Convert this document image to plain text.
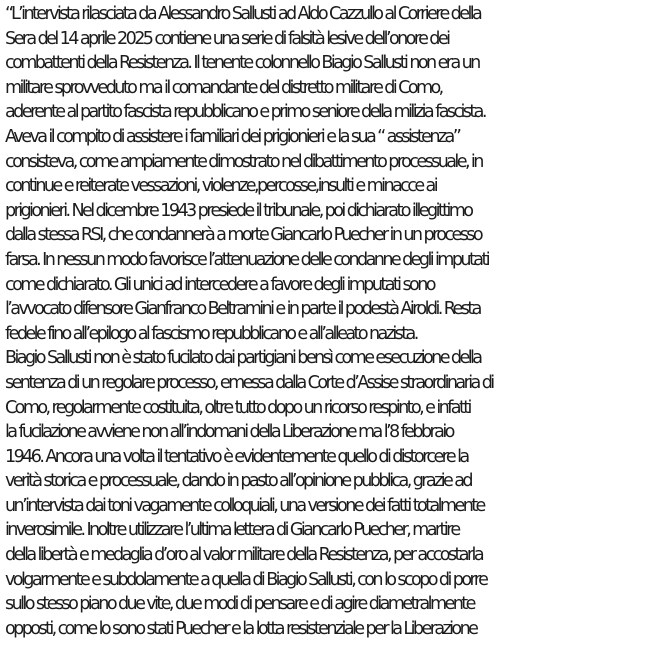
“L’intervista rilasciata da Alessandro Sallusti ad Aldo Cazzullo al Corriere della
Sera del 14 aprile 2025 contiene una serie di falsità lesive dell’onore dei
combattenti della Resistenza. Il tenente colonnello Biagio Sallusti non era un
militare sprovveduto ma il comandante del distretto militare di Como,
aderente al partito fascista repubblicano e primo seniore della milizia fascista.
Aveva il compito di assistere i familiari dei prigionieri e la sua “ assistenza”
consisteva, come ampiamente dimostrato nel dibattimento processuale, in
continue e reiterate vessazioni, violenze,percosse,insulti e minacce ai
prigionieri. Nel dicembre 1943 presiede il tribunale, poi dichiarato illegittimo
dalla stessa RSI, che condannerà a morte Giancarlo Puecher in un processo
farsa. In nessun modo favorisce l’attenuazione delle condanne degli imputati
come dichiarato. Gli unici ad intercedere a favore degli imputati sono
l’avvocato difensore Gianfranco Beltramini e in parte il podestà Airoldi. Resta
fedele fino all’epilogo al fascismo repubblicano e all’alleato nazista.
Biagio Sallusti non è stato fucilato dai partigiani bensì come esecuzione della
sentenza di un regolare processo, emessa dalla Corte d’Assise straordinaria di
Como, regolarmente costituita, oltre tutto dopo un ricorso respinto, e infatti
la fucilazione avviene non all’indomani della Liberazione ma l’8 febbraio
1946. Ancora una volta il tentativo è evidentemente quello di distorcere la
verità storica e processuale, dando in pasto all’opinione pubblica, grazie ad
un’intervista dai toni vagamente colloquiali, una versione dei fatti totalmente
inverosimile. Inoltre utilizzare l’ultima lettera di Giancarlo Puecher, martire
della libertà e medaglia d’oro al valor militare della Resistenza, per accostarla
volgarmente e subdolamente a quella di Biagio Sallusti, con lo scopo di porre
sullo stesso piano due vite, due modi di pensare e di agire diametralmente
opposti, come lo sono stati Puecher e la lotta resistenziale per la Liberazione
